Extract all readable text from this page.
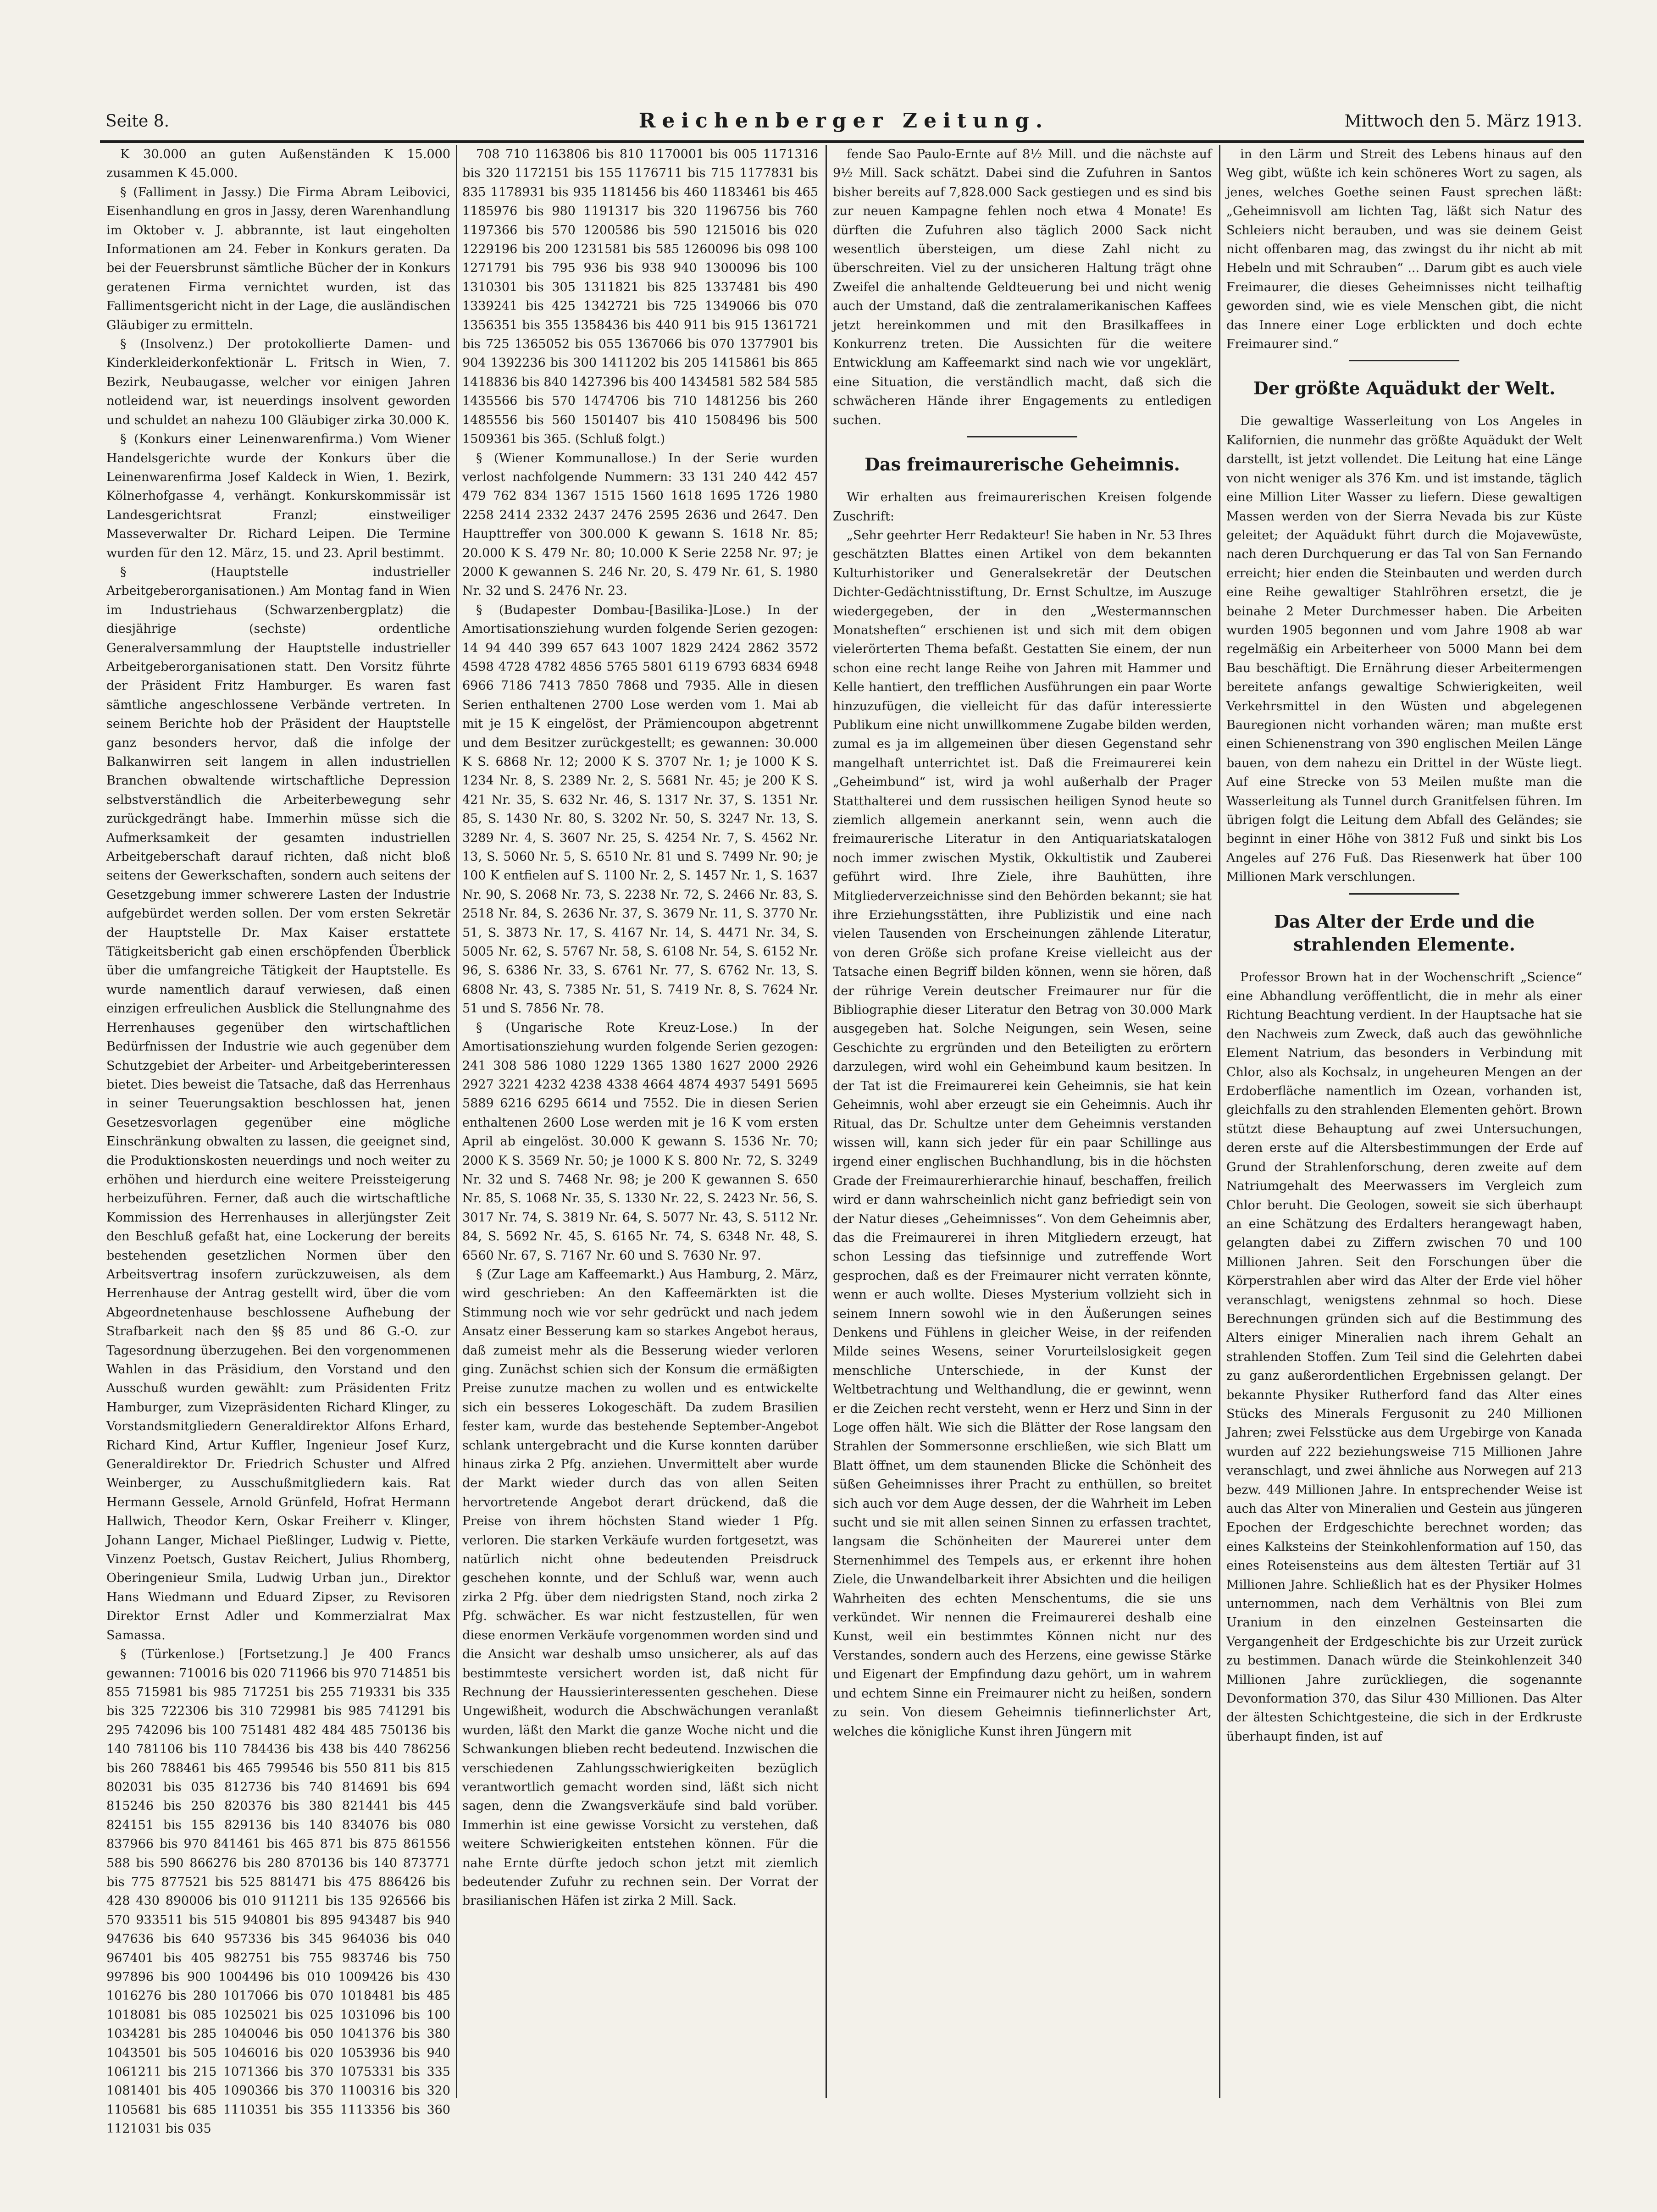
Seite 8.	Reichenberger Zeitung.	Mittwoch den 5. März 1913.

K 30.000 an guten Außenständen K 15.000 zusammen K 45.000.

§ (Falliment in Jassy.) Die Firma Abram Leibovici, Eisenhandlung en gros in Jassy, deren Warenhandlung im Oktober v. J. abbrannte, ist laut eingeholten Informationen am 24. Feber in Konkurs geraten. Da bei der Feuersbrunst sämtliche Bücher der in Konkurs geratenen Firma vernichtet wurden, ist das Fallimentsgericht nicht in der Lage, die ausländischen Gläubiger zu ermitteln.

§ (Insolvenz.) Der protokollierte Damen- und Kinderkleiderkonfektionär L. Fritsch in Wien, 7. Bezirk, Neubaugasse, welcher vor einigen Jahren notleidend war, ist neuerdings insolvent geworden und schuldet an nahezu 100 Gläubiger zirka 30.000 K.

§ (Konkurs einer Leinenwarenfirma.) Vom Wiener Handelsgerichte wurde der Konkurs über die Leinenwarenfirma Josef Kaldeck in Wien, 1. Bezirk, Kölnerhofgasse 4, verhängt. Konkurskommissär ist Landesgerichtsrat Franzl; einstweiliger Masseverwalter Dr. Richard Leipen. Die Termine wurden für den 12. März, 15. und 23. April bestimmt.

§ (Hauptstelle industrieller Arbeitgeberorganisationen.) Am Montag fand in Wien im Industriehaus (Schwarzenbergplatz) die diesjährige (sechste) ordentliche Generalversammlung der Hauptstelle industrieller Arbeitgeberorganisationen statt. Den Vorsitz führte der Präsident Fritz Hamburger. Es waren fast sämtliche angeschlossene Verbände vertreten. In seinem Berichte hob der Präsident der Hauptstelle ganz besonders hervor, daß die infolge der Balkanwirren seit langem in allen industriellen Branchen obwaltende wirtschaftliche Depression selbstverständlich die Arbeiterbewegung sehr zurückgedrängt habe. Immerhin müsse sich die Aufmerksamkeit der gesamten industriellen Arbeitgeberschaft darauf richten, daß nicht bloß seitens der Gewerkschaften, sondern auch seitens der Gesetzgebung immer schwerere Lasten der Industrie aufgebürdet werden sollen. Der vom ersten Sekretär der Hauptstelle Dr. Max Kaiser erstattete Tätigkeitsbericht gab einen erschöpfenden Überblick über die umfangreiche Tätigkeit der Hauptstelle. Es wurde namentlich darauf verwiesen, daß einen einzigen erfreulichen Ausblick die Stellungnahme des Herrenhauses gegenüber den wirtschaftlichen Bedürfnissen der Industrie wie auch gegenüber dem Schutzgebiet der Arbeiter- und Arbeitgeberinteressen bietet. Dies beweist die Tatsache, daß das Herrenhaus in seiner Teuerungsaktion beschlossen hat, jenen Gesetzesvorlagen gegenüber eine mögliche Einschränkung obwalten zu lassen, die geeignet sind, die Produktionskosten neuerdings und noch weiter zu erhöhen und hierdurch eine weitere Preissteigerung herbeizuführen. Ferner, daß auch die wirtschaftliche Kommission des Herrenhauses in allerjüngster Zeit den Beschluß gefaßt hat, eine Lockerung der bereits bestehenden gesetzlichen Normen über den Arbeitsvertrag insofern zurückzuweisen, als dem Herrenhause der Antrag gestellt wird, über die vom Abgeordnetenhause beschlossene Aufhebung der Strafbarkeit nach den §§ 85 und 86 G.-O. zur Tagesordnung überzugehen. Bei den vorgenommenen Wahlen in das Präsidium, den Vorstand und den Ausschuß wurden gewählt: zum Präsidenten Fritz Hamburger, zum Vizepräsidenten Richard Klinger, zu Vorstandsmitgliedern Generaldirektor Alfons Erhard, Richard Kind, Artur Kuffler, Ingenieur Josef Kurz, Generaldirektor Dr. Friedrich Schuster und Alfred Weinberger, zu Ausschußmitgliedern kais. Rat Hermann Gessele, Arnold Grünfeld, Hofrat Hermann Hallwich, Theodor Kern, Oskar Freiherr v. Klinger, Johann Langer, Michael Pießlinger, Ludwig v. Piette, Vinzenz Poetsch, Gustav Reichert, Julius Rhomberg, Oberingenieur Smila, Ludwig Urban jun., Direktor Hans Wiedmann und Eduard Zipser, zu Revisoren Direktor Ernst Adler und Kommerzialrat Max Samassa.

§ (Türkenlose.) [Fortsetzung.] Je 400 Francs gewannen: 710016 bis 020 711966 bis 970 714851 bis 855 715981 bis 985 717251 bis 255 719331 bis 335 bis 325 722306 bis 310 729981 bis 985 741291 bis 295 742096 bis 100 751481 482 484 485 750136 bis 140 781106 bis 110 784436 bis 438 bis 440 786256 bis 260 788461 bis 465 799546 bis 550 811 bis 815 802031 bis 035 812736 bis 740 814691 bis 694 815246 bis 250 820376 bis 380 821441 bis 445 824151 bis 155 829136 bis 140 834076 bis 080 837966 bis 970 841461 bis 465 871 bis 875 861556 588 bis 590 866276 bis 280 870136 bis 140 873771 bis 775 877521 bis 525 881471 bis 475 886426 bis 428 430 890006 bis 010 911211 bis 135 926566 bis 570 933511 bis 515 940801 bis 895 943487 bis 940 947636 bis 640 957336 bis 345 964036 bis 040 967401 bis 405 982751 bis 755 983746 bis 750 997896 bis 900 1004496 bis 010 1009426 bis 430 1016276 bis 280 1017066 bis 070 1018481 bis 485 1018081 bis 085 1025021 bis 025 1031096 bis 100 1034281 bis 285 1040046 bis 050 1041376 bis 380 1043501 bis 505 1046016 bis 020 1053936 bis 940 1061211 bis 215 1071366 bis 370 1075331 bis 335 1081401 bis 405 1090366 bis 370 1100316 bis 320 1105681 bis 685 1110351 bis 355 1113356 bis 360 1121031 bis 035

708 710 1163806 bis 810 1170001 bis 005 1171316 bis 320 1172151 bis 155 1176711 bis 715 1177831 bis 835 1178931 bis 935 1181456 bis 460 1183461 bis 465 1185976 bis 980 1191317 bis 320 1196756 bis 760 1197366 bis 570 1200586 bis 590 1215016 bis 020 1229196 bis 200 1231581 bis 585 1260096 bis 098 100 1271791 bis 795 936 bis 938 940 1300096 bis 100 1310301 bis 305 1311821 bis 825 1337481 bis 490 1339241 bis 425 1342721 bis 725 1349066 bis 070 1356351 bis 355 1358436 bis 440 911 bis 915 1361721 bis 725 1365052 bis 055 1367066 bis 070 1377901 bis 904 1392236 bis 300 1411202 bis 205 1415861 bis 865 1418836 bis 840 1427396 bis 400 1434581 582 584 585 1435566 bis 570 1474706 bis 710 1481256 bis 260 1485556 bis 560 1501407 bis 410 1508496 bis 500 1509361 bis 365. (Schluß folgt.)

§ (Wiener Kommunallose.) In der Serie wurden verlost nachfolgende Nummern: 33 131 240 442 457 479 762 834 1367 1515 1560 1618 1695 1726 1980 2258 2414 2332 2437 2476 2595 2636 und 2647. Den Haupttreffer von 300.000 K gewann S. 1618 Nr. 85; 20.000 K S. 479 Nr. 80; 10.000 K Serie 2258 Nr. 97; je 2000 K gewannen S. 246 Nr. 20, S. 479 Nr. 61, S. 1980 Nr. 32 und S. 2476 Nr. 23.

§ (Budapester Dombau-[Basilika-]Lose.) In der Amortisationsziehung wurden folgende Serien gezogen: 14 94 440 399 657 643 1007 1829 2424 2862 3572 4598 4728 4782 4856 5765 5801 6119 6793 6834 6948 6966 7186 7413 7850 7868 und 7935. Alle in diesen Serien enthaltenen 2700 Lose werden vom 1. Mai ab mit je 15 K eingelöst, der Prämiencoupon abgetrennt und dem Besitzer zurückgestellt; es gewannen: 30.000 K S. 6868 Nr. 12; 2000 K S. 3707 Nr. 1; je 1000 K S. 1234 Nr. 8, S. 2389 Nr. 2, S. 5681 Nr. 45; je 200 K S. 421 Nr. 35, S. 632 Nr. 46, S. 1317 Nr. 37, S. 1351 Nr. 85, S. 1430 Nr. 80, S. 3202 Nr. 50, S. 3247 Nr. 13, S. 3289 Nr. 4, S. 3607 Nr. 25, S. 4254 Nr. 7, S. 4562 Nr. 13, S. 5060 Nr. 5, S. 6510 Nr. 81 und S. 7499 Nr. 90; je 100 K entfielen auf S. 1100 Nr. 2, S. 1457 Nr. 1, S. 1637 Nr. 90, S. 2068 Nr. 73, S. 2238 Nr. 72, S. 2466 Nr. 83, S. 2518 Nr. 84, S. 2636 Nr. 37, S. 3679 Nr. 11, S. 3770 Nr. 51, S. 3873 Nr. 17, S. 4167 Nr. 14, S. 4471 Nr. 34, S. 5005 Nr. 62, S. 5767 Nr. 58, S. 6108 Nr. 54, S. 6152 Nr. 96, S. 6386 Nr. 33, S. 6761 Nr. 77, S. 6762 Nr. 13, S. 6808 Nr. 43, S. 7385 Nr. 51, S. 7419 Nr. 8, S. 7624 Nr. 51 und S. 7856 Nr. 78.

§ (Ungarische Rote Kreuz-Lose.) In der Amortisationsziehung wurden folgende Serien gezogen: 241 308 586 1080 1229 1365 1380 1627 2000 2926 2927 3221 4232 4238 4338 4664 4874 4937 5491 5695 5889 6216 6295 6614 und 7552. Die in diesen Serien enthaltenen 2600 Lose werden mit je 16 K vom ersten April ab eingelöst. 30.000 K gewann S. 1536 Nr. 70; 2000 K S. 3569 Nr. 50; je 1000 K S. 800 Nr. 72, S. 3249 Nr. 32 und S. 7468 Nr. 98; je 200 K gewannen S. 650 Nr. 85, S. 1068 Nr. 35, S. 1330 Nr. 22, S. 2423 Nr. 56, S. 3017 Nr. 74, S. 3819 Nr. 64, S. 5077 Nr. 43, S. 5112 Nr. 84, S. 5692 Nr. 45, S. 6165 Nr. 74, S. 6348 Nr. 48, S. 6560 Nr. 67, S. 7167 Nr. 60 und S. 7630 Nr. 97.

§ (Zur Lage am Kaffeemarkt.) Aus Hamburg, 2. März, wird geschrieben: An den Kaffeemärkten ist die Stimmung noch wie vor sehr gedrückt und nach jedem Ansatz einer Besserung kam so starkes Angebot heraus, daß zumeist mehr als die Besserung wieder verloren ging. Zunächst schien sich der Konsum die ermäßigten Preise zunutze machen zu wollen und es entwickelte sich ein besseres Lokogeschäft. Da zudem Brasilien fester kam, wurde das bestehende September-Angebot schlank untergebracht und die Kurse konnten darüber hinaus zirka 2 Pfg. anziehen. Unvermittelt aber wurde der Markt wieder durch das von allen Seiten hervortretende Angebot derart drückend, daß die Preise von ihrem höchsten Stand wieder 1 Pfg. verloren. Die starken Verkäufe wurden fortgesetzt, was natürlich nicht ohne bedeutenden Preisdruck geschehen konnte, und der Schluß war, wenn auch zirka 2 Pfg. über dem niedrigsten Stand, noch zirka 2 Pfg. schwächer. Es war nicht festzustellen, für wen diese enormen Verkäufe vorgenommen worden sind und die Ansicht war deshalb umso unsicherer, als auf das bestimmteste versichert worden ist, daß nicht für Rechnung der Haussierinteressenten geschehen. Diese Ungewißheit, wodurch die Abschwächungen veranlaßt wurden, läßt den Markt die ganze Woche nicht und die Schwankungen blieben recht bedeutend. Inzwischen die verschiedenen Zahlungsschwierigkeiten bezüglich verantwortlich gemacht worden sind, läßt sich nicht sagen, denn die Zwangsverkäufe sind bald vorüber. Immerhin ist eine gewisse Vorsicht zu verstehen, daß weitere Schwierigkeiten entstehen können. Für die nahe Ernte dürfte jedoch schon jetzt mit ziemlich bedeutender Zufuhr zu rechnen sein. Der Vorrat der brasilianischen Häfen ist zirka 2 Mill. Sack.

fende Sao Paulo-Ernte auf 8½ Mill. und die nächste auf 9½ Mill. Sack schätzt. Dabei sind die Zufuhren in Santos bisher bereits auf 7,828.000 Sack gestiegen und es sind bis zur neuen Kampagne fehlen noch etwa 4 Monate! Es dürften die Zufuhren also täglich 2000 Sack nicht wesentlich übersteigen, um diese Zahl nicht zu überschreiten. Viel zu der unsicheren Haltung trägt ohne Zweifel die anhaltende Geldteuerung bei und nicht wenig auch der Umstand, daß die zentralamerikanischen Kaffees jetzt hereinkommen und mit den Brasilkaffees in Konkurrenz treten. Die Aussichten für die weitere Entwicklung am Kaffeemarkt sind nach wie vor ungeklärt, eine Situation, die verständlich macht, daß sich die schwächeren Hände ihrer Engagements zu entledigen suchen.

Das freimaurerische Geheimnis.

Wir erhalten aus freimaurerischen Kreisen folgende Zuschrift:

„Sehr geehrter Herr Redakteur! Sie haben in Nr. 53 Ihres geschätzten Blattes einen Artikel von dem bekannten Kulturhistoriker und Generalsekretär der Deutschen Dichter-Gedächtnisstiftung, Dr. Ernst Schultze, im Auszuge wiedergegeben, der in den „Westermannschen Monatsheften“ erschienen ist und sich mit dem obigen vielerörterten Thema befaßt. Gestatten Sie einem, der nun schon eine recht lange Reihe von Jahren mit Hammer und Kelle hantiert, den trefflichen Ausführungen ein paar Worte hinzuzufügen, die vielleicht für das dafür interessierte Publikum eine nicht unwillkommene Zugabe bilden werden, zumal es ja im allgemeinen über diesen Gegenstand sehr mangelhaft unterrichtet ist. Daß die Freimaurerei kein „Geheimbund“ ist, wird ja wohl außerhalb der Prager Statthalterei und dem russischen heiligen Synod heute so ziemlich allgemein anerkannt sein, wenn auch die freimaurerische Literatur in den Antiquariatskatalogen noch immer zwischen Mystik, Okkultistik und Zauberei geführt wird. Ihre Ziele, ihre Bauhütten, ihre Mitgliederverzeichnisse sind den Behörden bekannt; sie hat ihre Erziehungsstätten, ihre Publizistik und eine nach vielen Tausenden von Erscheinungen zählende Literatur, von deren Größe sich profane Kreise vielleicht aus der Tatsache einen Begriff bilden können, wenn sie hören, daß der rührige Verein deutscher Freimaurer nur für die Bibliographie dieser Literatur den Betrag von 30.000 Mark ausgegeben hat. Solche Neigungen, sein Wesen, seine Geschichte zu ergründen und den Beteiligten zu erörtern darzulegen, wird wohl ein Geheimbund kaum besitzen. In der Tat ist die Freimaurerei kein Geheimnis, sie hat kein Geheimnis, wohl aber erzeugt sie ein Geheimnis. Auch ihr Ritual, das Dr. Schultze unter dem Geheimnis verstanden wissen will, kann sich jeder für ein paar Schillinge aus irgend einer englischen Buchhandlung, bis in die höchsten Grade der Freimaurerhierarchie hinauf, beschaffen, freilich wird er dann wahrscheinlich nicht ganz befriedigt sein von der Natur dieses „Geheimnisses“. Von dem Geheimnis aber, das die Freimaurerei in ihren Mitgliedern erzeugt, hat schon Lessing das tiefsinnige und zutreffende Wort gesprochen, daß es der Freimaurer nicht verraten könnte, wenn er auch wollte. Dieses Mysterium vollzieht sich in seinem Innern sowohl wie in den Äußerungen seines Denkens und Fühlens in gleicher Weise, in der reifenden Milde seines Wesens, seiner Vorurteilslosigkeit gegen menschliche Unterschiede, in der Kunst der Weltbetrachtung und Welthandlung, die er gewinnt, wenn er die Zeichen recht versteht, wenn er Herz und Sinn in der Loge offen hält. Wie sich die Blätter der Rose langsam den Strahlen der Sommersonne erschließen, wie sich Blatt um Blatt öffnet, um dem staunenden Blicke die Schönheit des süßen Geheimnisses ihrer Pracht zu enthüllen, so breitet sich auch vor dem Auge dessen, der die Wahrheit im Leben sucht und sie mit allen seinen Sinnen zu erfassen trachtet, langsam die Schönheiten der Maurerei unter dem Sternenhimmel des Tempels aus, er erkennt ihre hohen Ziele, die Unwandelbarkeit ihrer Absichten und die heiligen Wahrheiten des echten Menschentums, die sie uns verkündet. Wir nennen die Freimaurerei deshalb eine Kunst, weil ein bestimmtes Können nicht nur des Verstandes, sondern auch des Herzens, eine gewisse Stärke und Eigenart der Empfindung dazu gehört, um in wahrem und echtem Sinne ein Freimaurer nicht zu heißen, sondern zu sein. Von diesem Geheimnis tiefinnerlichster Art, welches die königliche Kunst ihren Jüngern mit

in den Lärm und Streit des Lebens hinaus auf den Weg gibt, wüßte ich kein schöneres Wort zu sagen, als jenes, welches Goethe seinen Faust sprechen läßt: „Geheimnisvoll am lichten Tag, läßt sich Natur des Schleiers nicht berauben, und was sie deinem Geist nicht offenbaren mag, das zwingst du ihr nicht ab mit Hebeln und mit Schrauben“ ... Darum gibt es auch viele Freimaurer, die dieses Geheimnisses nicht teilhaftig geworden sind, wie es viele Menschen gibt, die nicht das Innere einer Loge erblickten und doch echte Freimaurer sind.“

Der größte Aquädukt der Welt.

Die gewaltige Wasserleitung von Los Angeles in Kalifornien, die nunmehr das größte Aquädukt der Welt darstellt, ist jetzt vollendet. Die Leitung hat eine Länge von nicht weniger als 376 Km. und ist imstande, täglich eine Million Liter Wasser zu liefern. Diese gewaltigen Massen werden von der Sierra Nevada bis zur Küste geleitet; der Aquädukt führt durch die Mojavewüste, nach deren Durchquerung er das Tal von San Fernando erreicht; hier enden die Steinbauten und werden durch eine Reihe gewaltiger Stahlröhren ersetzt, die je beinahe 2 Meter Durchmesser haben. Die Arbeiten wurden 1905 begonnen und vom Jahre 1908 ab war regelmäßig ein Arbeiterheer von 5000 Mann bei dem Bau beschäftigt. Die Ernährung dieser Arbeitermengen bereitete anfangs gewaltige Schwierigkeiten, weil Verkehrsmittel in den Wüsten und abgelegenen Bauregionen nicht vorhanden wären; man mußte erst einen Schienenstrang von 390 englischen Meilen Länge bauen, von dem nahezu ein Drittel in der Wüste liegt. Auf eine Strecke von 53 Meilen mußte man die Wasserleitung als Tunnel durch Granitfelsen führen. Im übrigen folgt die Leitung dem Abfall des Geländes; sie beginnt in einer Höhe von 3812 Fuß und sinkt bis Los Angeles auf 276 Fuß. Das Riesenwerk hat über 100 Millionen Mark verschlungen.

Das Alter der Erde und die strahlenden Elemente.

Professor Brown hat in der Wochenschrift „Science“ eine Abhandlung veröffentlicht, die in mehr als einer Richtung Beachtung verdient. In der Hauptsache hat sie den Nachweis zum Zweck, daß auch das gewöhnliche Element Natrium, das besonders in Verbindung mit Chlor, also als Kochsalz, in ungeheuren Mengen an der Erdoberfläche namentlich im Ozean, vorhanden ist, gleichfalls zu den strahlenden Elementen gehört. Brown stützt diese Behauptung auf zwei Untersuchungen, deren erste auf die Altersbestimmungen der Erde auf Grund der Strahlenforschung, deren zweite auf dem Natriumgehalt des Meerwassers im Vergleich zum Chlor beruht. Die Geologen, soweit sie sich überhaupt an eine Schätzung des Erdalters herangewagt haben, gelangten dabei zu Ziffern zwischen 70 und 100 Millionen Jahren. Seit den Forschungen über die Körperstrahlen aber wird das Alter der Erde viel höher veranschlagt, wenigstens zehnmal so hoch. Diese Berechnungen gründen sich auf die Bestimmung des Alters einiger Mineralien nach ihrem Gehalt an strahlenden Stoffen. Zum Teil sind die Gelehrten dabei zu ganz außerordentlichen Ergebnissen gelangt. Der bekannte Physiker Rutherford fand das Alter eines Stücks des Minerals Fergusonit zu 240 Millionen Jahren; zwei Felsstücke aus dem Urgebirge von Kanada wurden auf 222 beziehungsweise 715 Millionen Jahre veranschlagt, und zwei ähnliche aus Norwegen auf 213 bezw. 449 Millionen Jahre. In entsprechender Weise ist auch das Alter von Mineralien und Gestein aus jüngeren Epochen der Erdgeschichte berechnet worden; das eines Kalksteins der Steinkohlenformation auf 150, das eines Roteisensteins aus dem ältesten Tertiär auf 31 Millionen Jahre. Schließlich hat es der Physiker Holmes unternommen, nach dem Verhältnis von Blei zum Uranium in den einzelnen Gesteinsarten die Vergangenheit der Erdgeschichte bis zur Urzeit zurück zu bestimmen. Danach würde die Steinkohlenzeit 340 Millionen Jahre zurückliegen, die sogenannte Devonformation 370, das Silur 430 Millionen. Das Alter der ältesten Schichtgesteine, die sich in der Erdkruste überhaupt finden, ist auf
